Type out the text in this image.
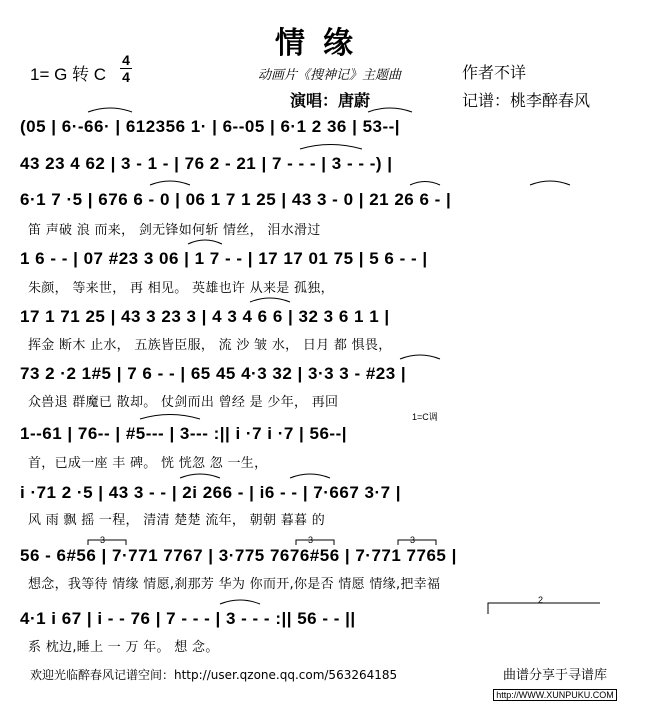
情缘
1= G 转 C
4
4	动画片《搜神记》主题曲	作者不详
演唱：唐蔚	记谱：桃李醉春风
(05 | 6·-66· | 612356 1· | 6--05 | 6·1 2 36 | 53--|
43 23 4 62 | 3 - 1 - | 76 2 - 21 | 7 - - - | 3 - - -) |
6·1 7 ·5 | 676 6 - 0 | 06 1 7 1 25 | 43 3 - 0 | 21 26 6 - |
笛 声破 浪 而来， 剑无锋如何斩 情丝， 泪水滑过
1 6 - - | 07 #23 3 06 | 1 7 - - | 17 17 01 75 | 5 6 - - |
朱颜， 等来世， 再 相见。 英雄也许 从来是 孤独，
17 1 71 25 | 43 3 23 3 | 4 3 4 6 6 | 32 3 6 1 1 |
挥金 断木 止水， 五族皆臣服， 流 沙 皱 水， 日月 都 惧畏，
73 2 ·2 1#5 | 7 6 - - | 65 45 4·3 32 | 3·3 3 - #23 |
众兽退 群魔已 散却。 仗剑而出 曾经 是 少年， 再回
1=C调
1--61 | 76-- | #5--- | 3--- :|| i ·7 i ·7 | 56--|
首，已成一座 丰 碑。 恍 恍忽 忽 一生，
i ·71 2 ·5 | 43 3 - - | 2i 266 - | i6 - - | 7·667 3·7 |
风 雨 飘 摇 一程， 清清 楚楚 流年， 朝朝 暮暮 的
3	3	3
56 - 6#56 | 7·771 7767 | 3·775 7676#56 | 7·771 7765 |
想念，我等待 情缘 情愿,刹那芳 华为 你而开,你是否 情愿 情缘,把幸福
2
4·1 i 67 | i - - 76 | 7 - - - | 3 - - - :|| 56 - - ||
系 枕边,睡上 一 万 年。 想 念。
欢迎光临醉春风记谱空间：http://user.qzone.qq.com/563264185	曲谱分享于寻谱库
http://WWW.XUNPUKU.COM
